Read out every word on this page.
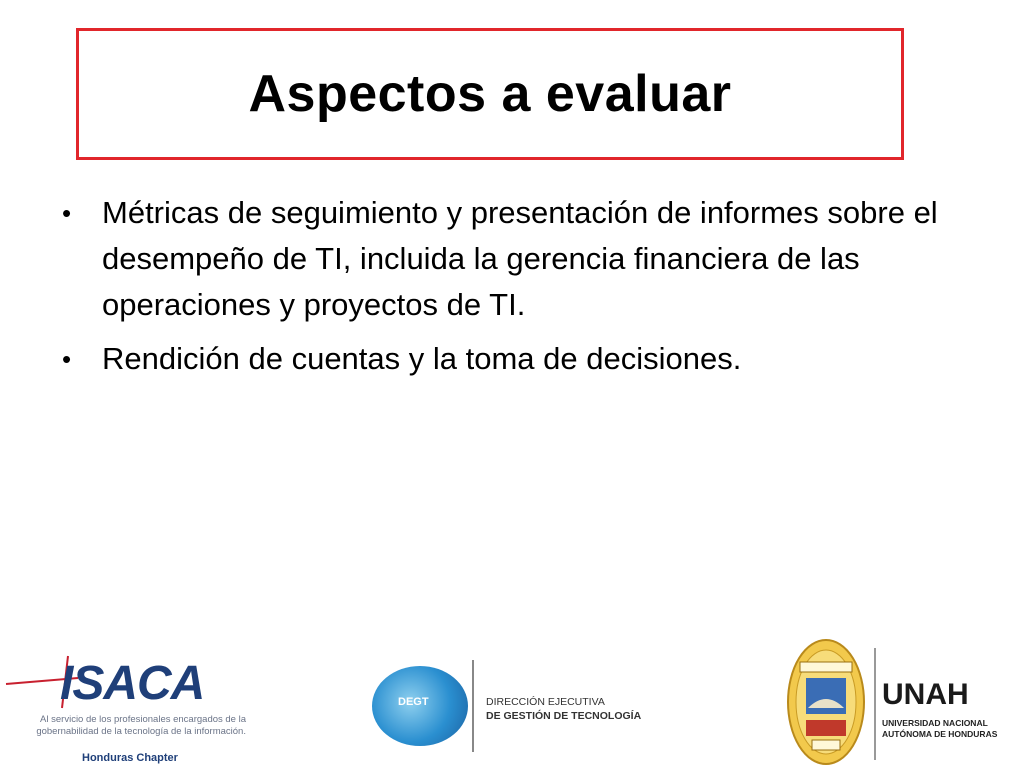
Aspectos a evaluar
• Métricas de seguimiento y presentación de informes sobre el desempeño de TI, incluida la gerencia financiera de las operaciones y proyectos de TI.
• Rendición de cuentas y la toma de decisiones.
ISACA
Al servicio de los profesionales encargados de la gobernabilidad de la tecnología de la información.
Honduras Chapter
DEGT	DIRECCIÓN EJECUTIVA
DE GESTIÓN DE TECNOLOGÍA
UNAH
UNIVERSIDAD NACIONAL
AUTÓNOMA DE HONDURAS
